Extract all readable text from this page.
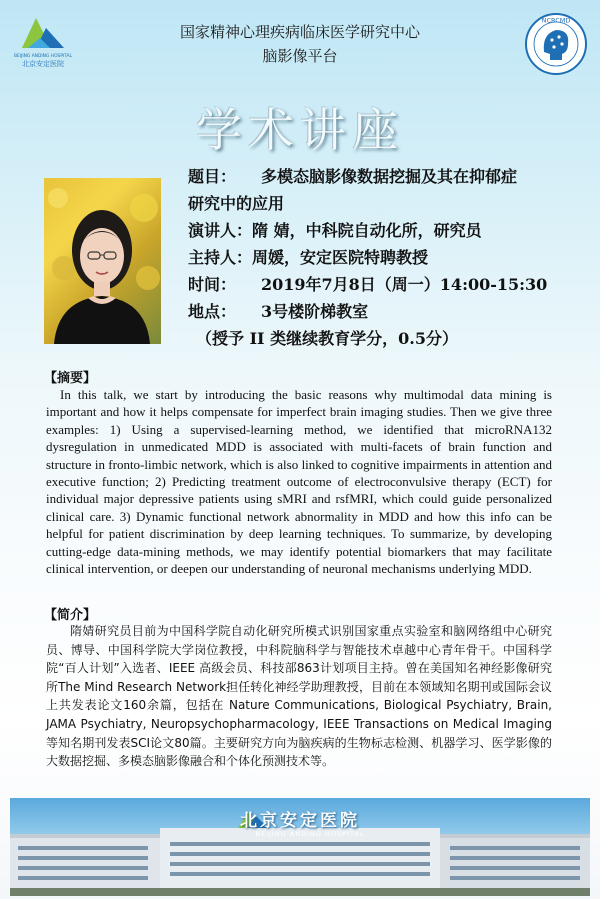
BEIJING ANDING HOSPITAL
北京安定医院
国家精神心理疾病临床医学研究中心
脑影像平台
NCRCMD
学术讲座
题目： 多模态脑影像数据挖掘及其在抑郁症
研究中的应用
演讲人：隋 婧，中科院自动化所，研究员
主持人：周媛，安定医院特聘教授
时间： 2019年7月8日（周一）14:00-15:30
地点： 3号楼阶梯教室
（授予 II 类继续教育学分，0.5分）
【摘要】
In this talk, we start by introducing the basic reasons why multimodal data mining is important and how it helps compensate for imperfect brain imaging studies. Then we give three examples: 1) Using a supervised-learning method, we identified that microRNA132 dysregulation in unmedicated MDD is associated with multi-facets of brain function and structure in fronto-limbic network, which is also linked to cognitive impairments in attention and executive function; 2) Predicting treatment outcome of electroconvulsive therapy (ECT) for individual major depressive patients using sMRI and rsfMRI, which could guide personalized clinical care. 3) Dynamic functional network abnormality in MDD and how this info can be helpful for patient discrimination by deep learning techniques. To summarize, by developing cutting-edge data-mining methods, we may identify potential biomarkers that may facilitate clinical intervention, or deepen our understanding of neuronal mechanisms underlying MDD.
【简介】
隋婧研究员目前为中国科学院自动化研究所模式识别国家重点实验室和脑网络组中心研究员、博导、中国科学院大学岗位教授，中科院脑科学与智能技术卓越中心青年骨干。中国科学院“百人计划”入选者、IEEE 高级会员、科技部863计划项目主持。曾在美国知名神经影像研究所The Mind Research Network担任转化神经学助理教授，目前在本领域知名期刊或国际会议上共发表论文160余篇，包括在 Nature Communications, Biological Psychiatry, Brain, JAMA Psychiatry, Neuropsychopharmacology, IEEE Transactions on Medical Imaging等知名期刊发表SCI论文80篇。主要研究方向为脑疾病的生物标志检测、机器学习、医学影像的大数据挖掘、多模态脑影像融合和个体化预测技术等。
BEIJING ANDING HOSPITAL
北京安定医院
